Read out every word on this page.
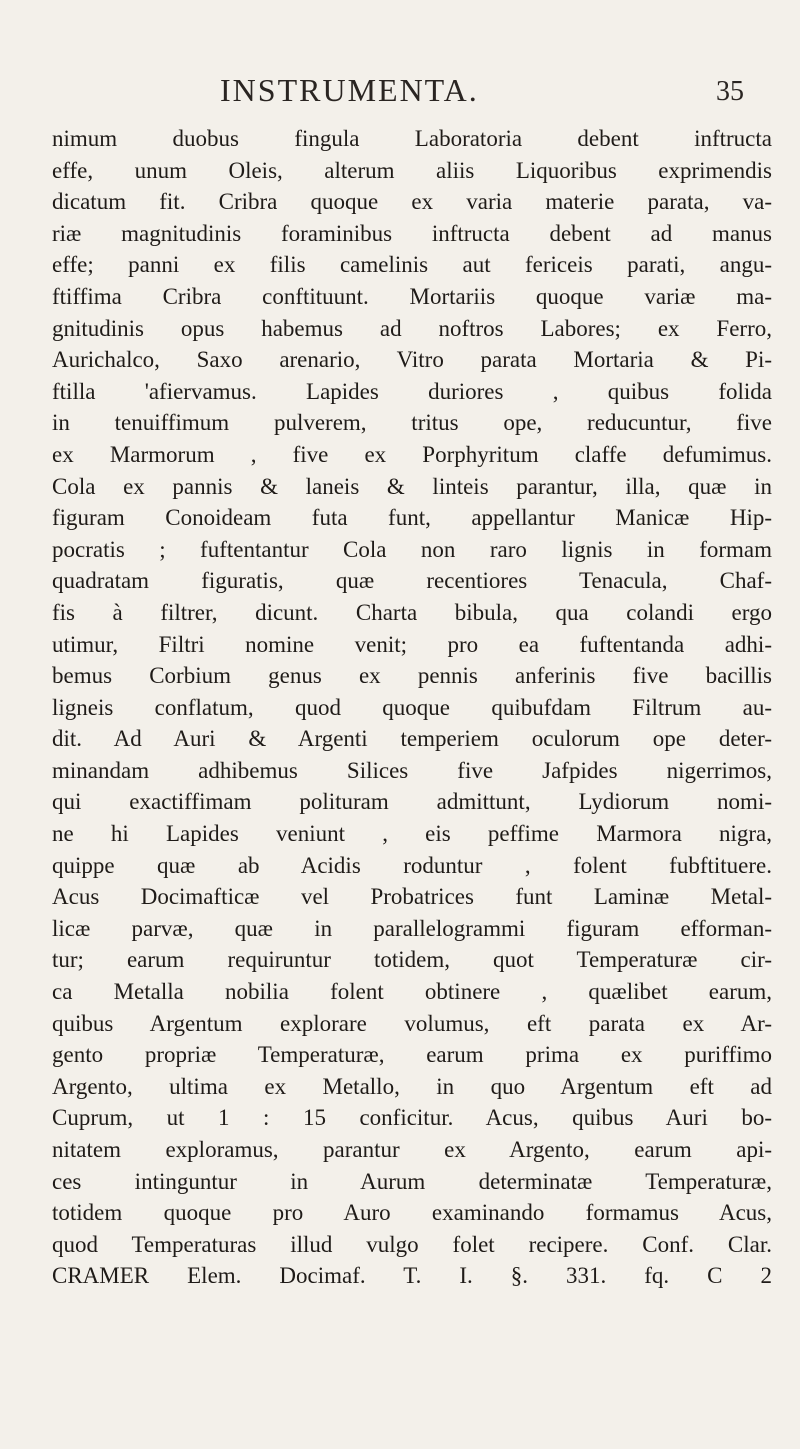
INSTRUMENTA.	35
nimum duobus fingula Laboratoria debent inftructa
effe, unum Oleis, alterum aliis Liquoribus exprimendis
dicatum fit. Cribra quoque ex varia materie parata, va-
riæ magnitudinis foraminibus inftructa debent ad manus
effe; panni ex filis camelinis aut fericeis parati, angu-
ftiffima Cribra conftituunt. Mortariis quoque variæ ma-
gnitudinis opus habemus ad noftros Labores; ex Ferro,
Aurichalco, Saxo arenario, Vitro parata Mortaria & Pi-
ftilla 'afiervamus. Lapides duriores , quibus folida
in tenuiffimum pulverem, tritus ope, reducuntur, five
ex Marmorum , five ex Porphyritum claffe defumimus.
Cola ex pannis & laneis & linteis parantur, illa, quæ in
figuram Conoideam futa funt, appellantur Manicæ Hip-
pocratis ; fuftentantur Cola non raro lignis in formam
quadratam figuratis, quæ recentiores Tenacula, Chaf-
fis à filtrer, dicunt. Charta bibula, qua colandi ergo
utimur, Filtri nomine venit; pro ea fuftentanda adhi-
bemus Corbium genus ex pennis anferinis five bacillis
ligneis conflatum, quod quoque quibufdam Filtrum au-
dit. Ad Auri & Argenti temperiem oculorum ope deter-
minandam adhibemus Silices five Jafpides nigerrimos,
qui exactiffimam polituram admittunt, Lydiorum nomi-
ne hi Lapides veniunt , eis peffime Marmora nigra,
quippe quæ ab Acidis roduntur , folent fubftituere.
Acus Docimafticæ vel Probatrices funt Laminæ Metal-
licæ parvæ, quæ in parallelogrammi figuram efforman-
tur; earum requiruntur totidem, quot Temperaturæ cir-
ca Metalla nobilia folent obtinere , quælibet earum,
quibus Argentum explorare volumus, eft parata ex Ar-
gento propriæ Temperaturæ, earum prima ex puriffimo
Argento, ultima ex Metallo, in quo Argentum eft ad
Cuprum, ut 1 : 15 conficitur. Acus, quibus Auri bo-
nitatem exploramus, parantur ex Argento, earum api-
ces intinguntur in Aurum determinatæ Temperaturæ,
totidem quoque pro Auro examinando formamus Acus,
quod Temperaturas illud vulgo folet recipere. Conf. Clar.
CRAMER Elem. Docimaf. T. I. §. 331. fq. C 2
